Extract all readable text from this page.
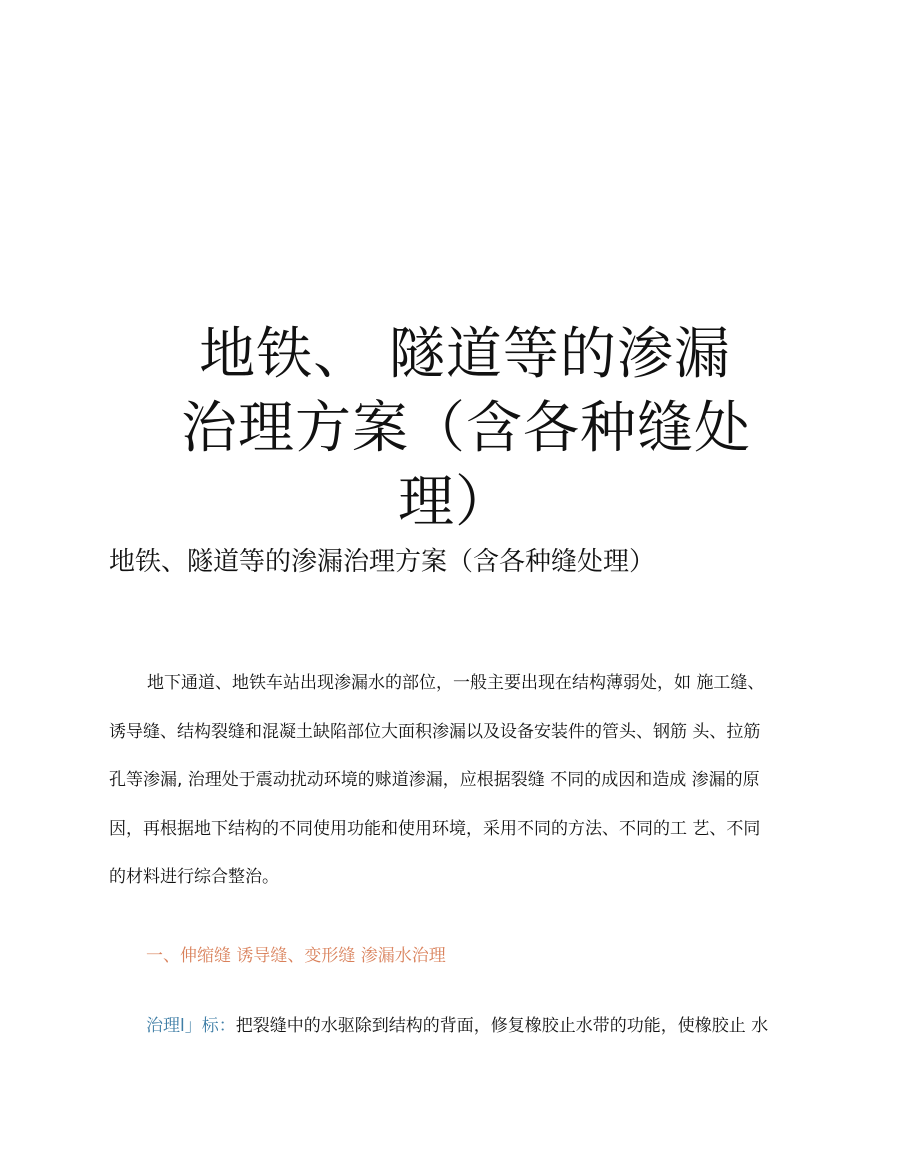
地铁、 隧道等的渗漏
治理方案（含各种缝处
理）
地铁、隧道等的渗漏治理方案（含各种缝处理）
地下通道、地铁车站出现渗漏水的部位，一般主要出现在结构薄弱处，如 施工缝、
诱导缝、结构裂缝和混凝土缺陷部位大面积渗漏以及设备安装件的管头、钢筋 头、拉筋
孔等渗漏, 治理处于震动扰动环境的赇道渗漏，应根据裂缝 不同的成因和造成 渗漏的原
因，再根据地下结构的不同使用功能和使用环境，采用不同的方法、不同的工 艺、不同
的材料进行综合整治。
一、伸缩缝 诱导缝、变形缝 渗漏水治理
治理l」标：把裂缝中的水驱除到结构的背面，修复橡胶止水带的功能，使橡胶止 水
